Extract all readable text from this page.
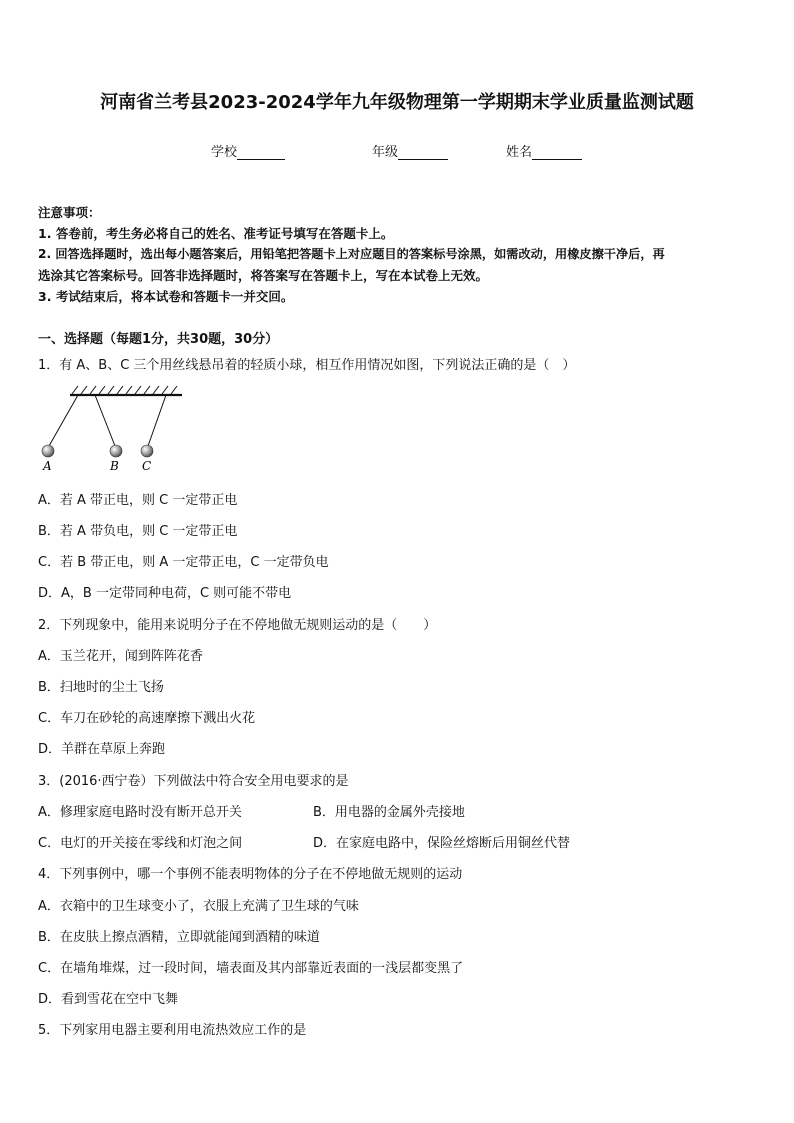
河南省兰考县2023-2024学年九年级物理第一学期期末学业质量监测试题
学校	年级	姓名
注意事项：
1. 答卷前，考生务必将自己的姓名、准考证号填写在答题卡上。
2. 回答选择题时，选出每小题答案后，用铅笔把答题卡上对应题目的答案标号涂黑，如需改动，用橡皮擦干净后，再
选涂其它答案标号。回答非选择题时，将答案写在答题卡上，写在本试卷上无效。
3. 考试结束后，将本试卷和答题卡一并交回。
一、选择题（每题1分，共30题，30分）
1．有 A、B、C 三个用丝线悬吊着的轻质小球，相互作用情况如图，下列说法正确的是（　）
A	B C
A．若 A 带正电，则 C 一定带正电
B．若 A 带负电，则 C 一定带正电
C．若 B 带正电，则 A 一定带正电，C 一定带负电
D．A，B 一定带同种电荷，C 则可能不带电
2．下列现象中，能用来说明分子在不停地做无规则运动的是（　　）
A．玉兰花开，闻到阵阵花香
B．扫地时的尘土飞扬
C．车刀在砂轮的高速摩擦下溅出火花
D．羊群在草原上奔跑
3．(2016·西宁卷）下列做法中符合安全用电要求的是
A．修理家庭电路时没有断开总开关	B．用电器的金属外壳接地
C．电灯的开关接在零线和灯泡之间	D．在家庭电路中，保险丝熔断后用铜丝代替
4．下列事例中，哪一个事例不能表明物体的分子在不停地做无规则的运动
A．衣箱中的卫生球变小了，衣服上充满了卫生球的气味
B．在皮肤上擦点酒精，立即就能闻到酒精的味道
C．在墙角堆煤，过一段时间，墙表面及其内部靠近表面的一浅层都变黑了
D．看到雪花在空中飞舞
5．下列家用电器主要利用电流热效应工作的是
